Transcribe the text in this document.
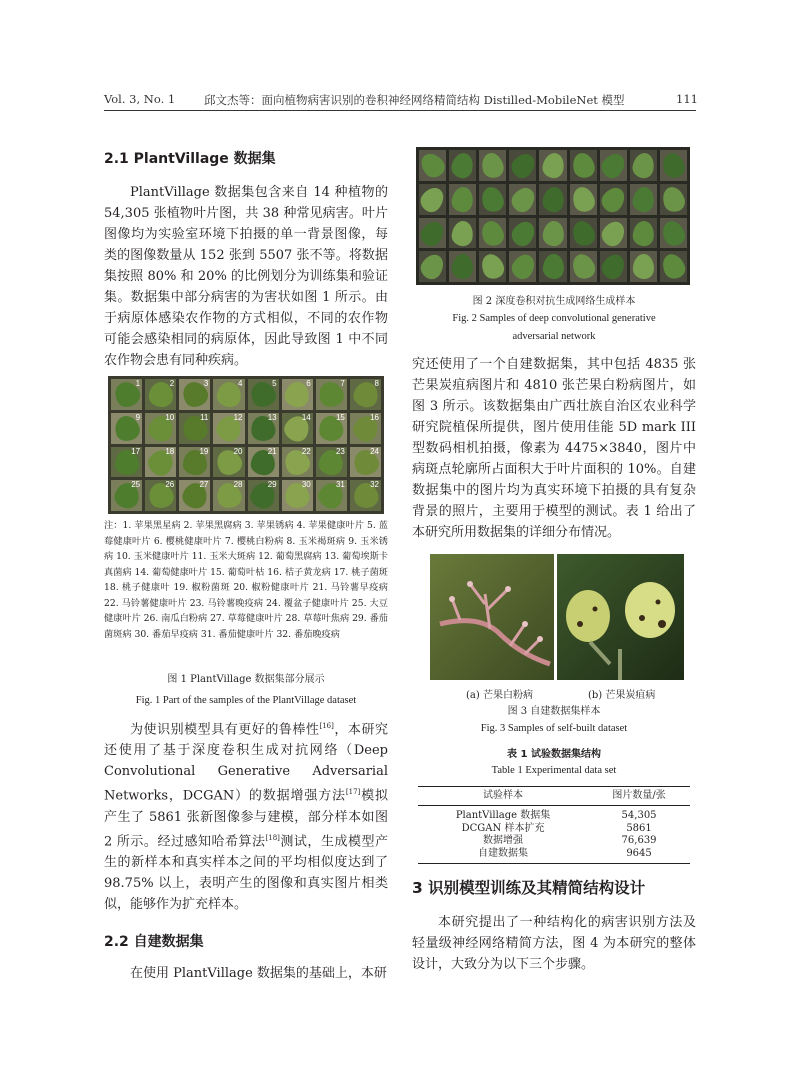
Vol. 3, No. 1	邱文杰等：面向植物病害识别的卷积神经网络精简结构 Distilled-MobileNet 模型	111
2.1 PlantVillage 数据集

PlantVillage 数据集包含来自 14 种植物的 54,305 张植物叶片图，共 38 种常见病害。叶片图像均为实验室环境下拍摄的单一背景图像，每类的图像数量从 152 张到 5507 张不等。将数据集按照 80% 和 20% 的比例划分为训练集和验证集。数据集中部分病害的为害状如图 1 所示。由于病原体感染农作物的方式相似，不同的农作物可能会感染相同的病原体，因此导致图 1 中不同农作物会患有同种疾病。

1	2	3	4	5	6	7	8
9	10	11	12	13	14	15	16
17	18	19	20	21	22	23	24
25	26	27	28	29	30	31	32
注：1. 苹果黑星病 2. 苹果黑腐病 3. 苹果锈病 4. 苹果健康叶片 5. 蓝莓健康叶片 6. 樱桃健康叶片 7. 樱桃白粉病 8. 玉米褐斑病 9. 玉米锈病 10. 玉米健康叶片 11. 玉米大斑病 12. 葡萄黑腐病 13. 葡萄埃斯卡真菌病 14. 葡萄健康叶片 15. 葡萄叶枯 16. 桔子黄龙病 17. 桃子菌斑 18. 桃子健康叶 19. 椒粉菌斑 20. 椒粉健康叶片 21. 马铃薯早疫病 22. 马铃薯健康叶片 23. 马铃薯晚疫病 24. 覆盆子健康叶片 25. 大豆健康叶片 26. 南瓜白粉病 27. 草莓健康叶片 28. 草莓叶焦病 29. 番茄菌斑病 30. 番茄早疫病 31. 番茄健康叶片 32. 番茄晚疫病
图 1 PlantVillage 数据集部分展示
Fig. 1 Part of the samples of the PlantVillage dataset

为使识别模型具有更好的鲁棒性[16]，本研究还使用了基于深度卷积生成对抗网络（Deep Convolutional Generative Adversarial Networks，DCGAN）的数据增强方法[17]模拟产生了 5861 张新图像参与建模，部分样本如图 2 所示。经过感知哈希算法[18]测试，生成模型产生的新样本和真实样本之间的平均相似度达到了 98.75% 以上，表明产生的图像和真实图片相类似，能够作为扩充样本。

2.2 自建数据集

在使用 PlantVillage 数据集的基础上，本研

图 2 深度卷积对抗生成网络生成样本
Fig. 2 Samples of deep convolutional generative
adversarial network

究还使用了一个自建数据集，其中包括 4835 张芒果炭疽病图片和 4810 张芒果白粉病图片，如图 3 所示。该数据集由广西壮族自治区农业科学研究院植保所提供，图片使用佳能 5D mark III 型数码相机拍摄，像素为 4475×3840，图片中病斑点轮廓所占面积大于叶片面积的 10%。自建数据集中的图片均为真实环境下拍摄的具有复杂背景的照片，主要用于模型的测试。表 1 给出了本研究所用数据集的详细分布情况。

(a) 芒果白粉病	(b) 芒果炭疽病
图 3 自建数据集样本
Fig. 3 Samples of self-built dataset
表 1 试验数据集结构
Table 1 Experimental data set
试验样本	图片数量/张
PlantVillage 数据集	54,305
DCGAN 样本扩充	5861
数据增强	76,639
自建数据集	9645
3 识别模型训练及其精简结构设计

本研究提出了一种结构化的病害识别方法及轻量级神经网络精简方法，图 4 为本研究的整体设计，大致分为以下三个步骤。
